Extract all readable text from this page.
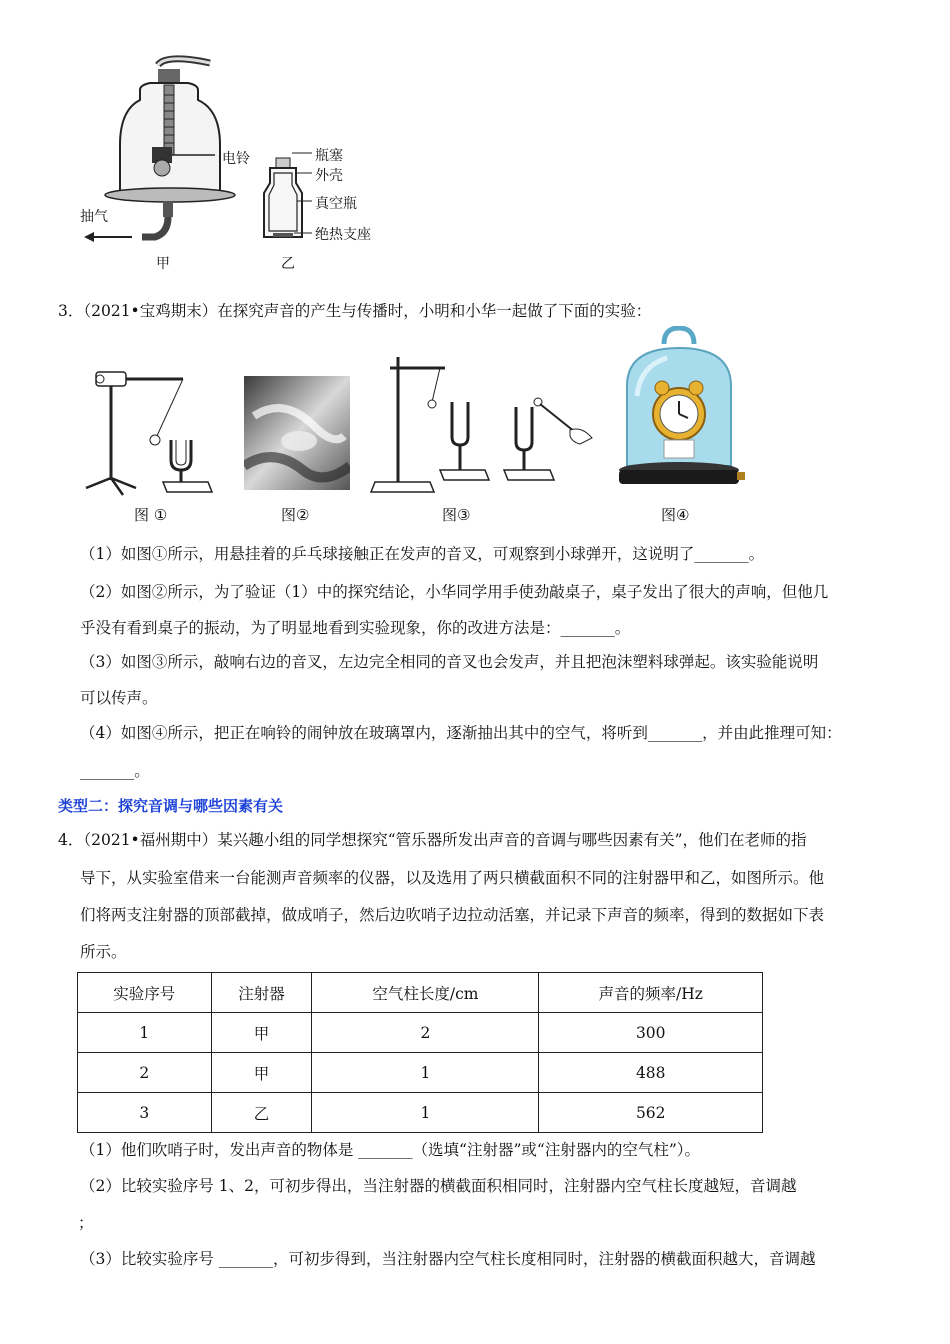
电铃
抽气
瓶塞
外壳
真空瓶
绝热支座
甲	乙
3．（2021•宝鸡期末）在探究声音的产生与传播时，小明和小华一起做了下面的实验：
图 ①	图②	图③	图④
（1）如图①所示，用悬挂着的乒乓球接触正在发声的音叉，可观察到小球弹开，这说明了_______。
（2）如图②所示，为了验证（1）中的探究结论，小华同学用手使劲敲桌子，桌子发出了很大的声响，但他几
乎没有看到桌子的振动，为了明显地看到实验现象，你的改进方法是：_______。
（3）如图③所示，敲响右边的音叉，左边完全相同的音叉也会发声，并且把泡沫塑料球弹起。该实验能说明
可以传声。
（4）如图④所示，把正在响铃的闹钟放在玻璃罩内，逐渐抽出其中的空气，将听到_______，并由此推理可知：
_______。
类型二：探究音调与哪些因素有关
4．（2021•福州期中）某兴趣小组的同学想探究“管乐器所发出声音的音调与哪些因素有关”，他们在老师的指
导下，从实验室借来一台能测声音频率的仪器，以及选用了两只横截面积不同的注射器甲和乙，如图所示。他
们将两支注射器的顶部截掉，做成哨子，然后边吹哨子边拉动活塞，并记录下声音的频率，得到的数据如下表
所示。
实验序号	注射器	空气柱长度/cm	声音的频率/Hz
1	甲	2	300
2	甲	1	488
3	乙	1	562
（1）他们吹哨子时，发出声音的物体是 _______（选填“注射器”或“注射器内的空气柱”）。
（2）比较实验序号 1、2，可初步得出，当注射器的横截面积相同时，注射器内空气柱长度越短，音调越
；
（3）比较实验序号 _______，可初步得到，当注射器内空气柱长度相同时，注射器的横截面积越大，音调越
